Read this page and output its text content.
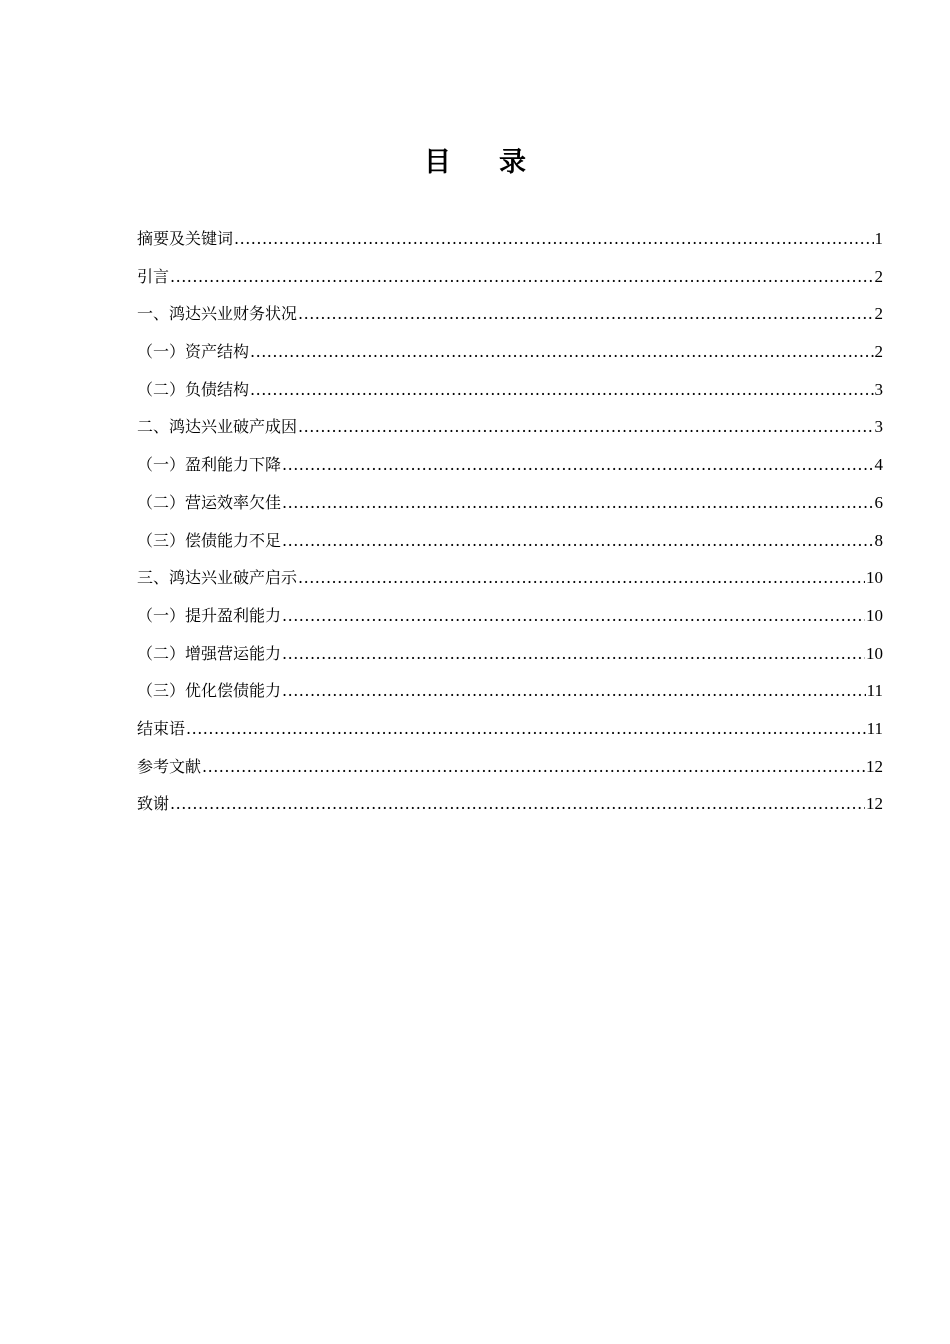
目录
摘要及关键词 .....	1
引言 .....	2
一、鸿达兴业财务状况 .....	2
（一）资产结构 .....	2
（二）负债结构 .....	3
二、鸿达兴业破产成因 .....	3
（一）盈利能力下降 .....	4
（二）营运效率欠佳 .....	6
（三）偿债能力不足 .....	8
三、鸿达兴业破产启示 .....	10
（一）提升盈利能力 .....	10
（二）增强营运能力 .....	10
（三）优化偿债能力 .....	11
结束语 .....	11
参考文献 .....	12
致谢 .....	12
